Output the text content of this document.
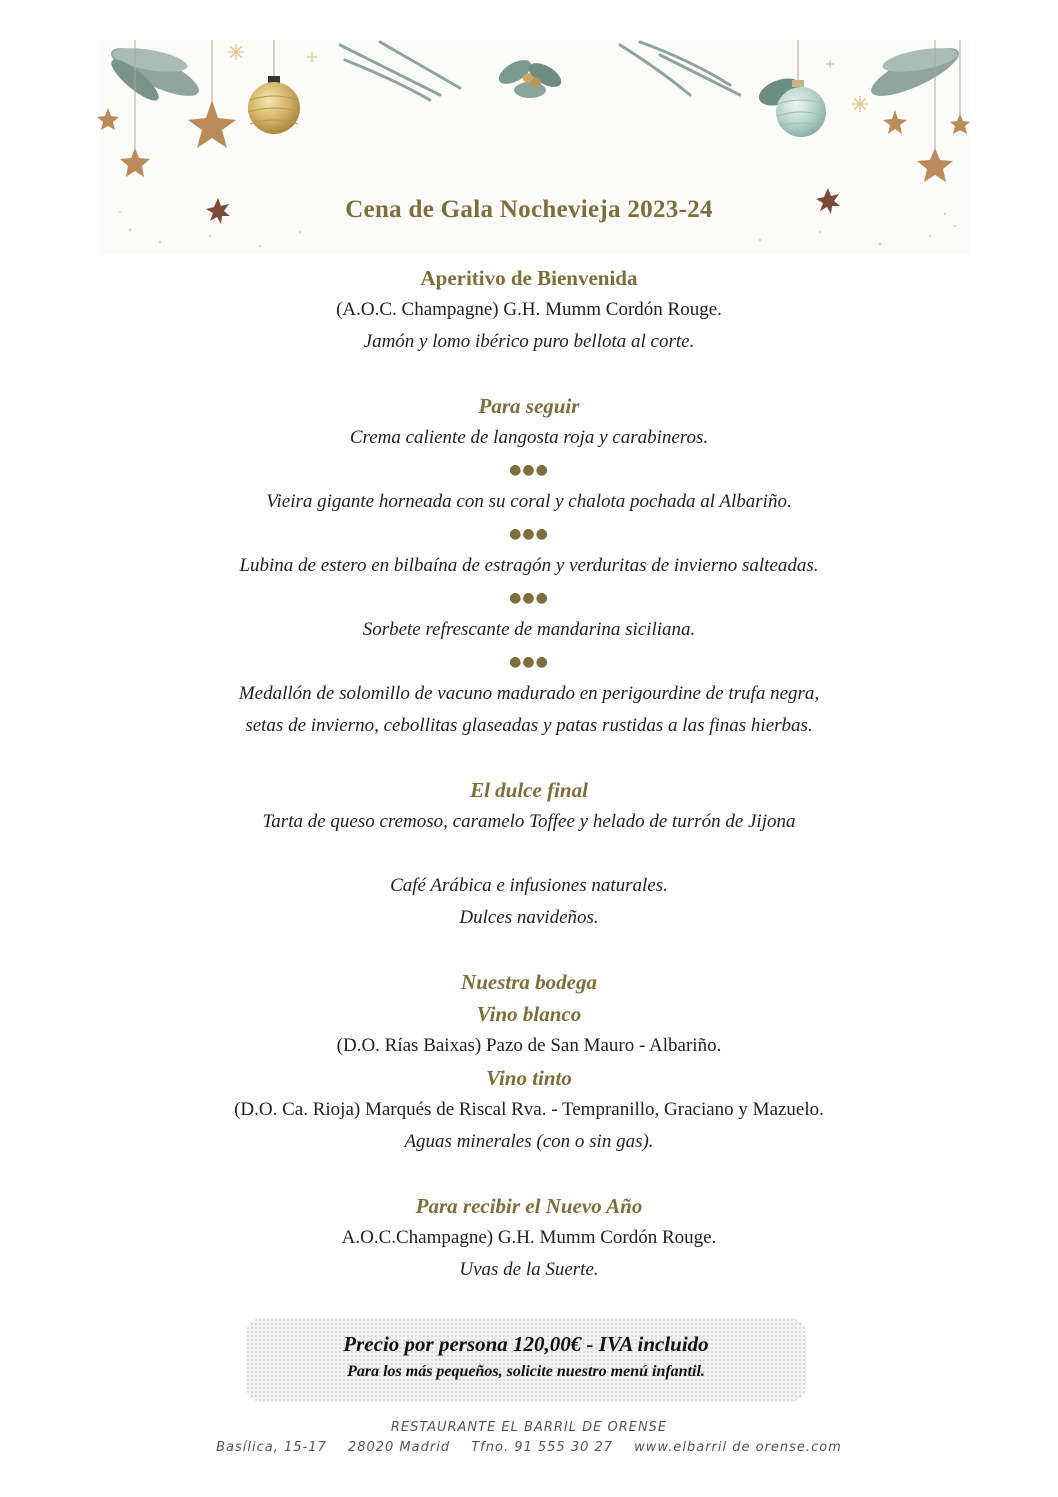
Cena de Gala Nochevieja 2023-24
Aperitivo de Bienvenida
(A.O.C. Champagne) G.H. Mumm Cordón Rouge.
Jamón y lomo ibérico puro bellota al corte.
Para seguir
Crema caliente de langosta roja y carabineros.
●●●
Vieira gigante horneada con su coral y chalota pochada al Albariño.
●●●
Lubina de estero en bilbaína de estragón y verduritas de invierno salteadas.
●●●
Sorbete refrescante de mandarina siciliana.
●●●
Medallón de solomillo de vacuno madurado en perigourdine de trufa negra,
setas de invierno, cebollitas glaseadas y patas rustidas a las finas hierbas.
El dulce final
Tarta de queso cremoso, caramelo Toffee y helado de turrón de Jijona
Café Arábica e infusiones naturales.
Dulces navideños.
Nuestra bodega
Vino blanco
(D.O. Rías Baixas) Pazo de San Mauro - Albariño.
Vino tinto
(D.O. Ca. Rioja) Marqués de Riscal Rva. - Tempranillo, Graciano y Mazuelo.
Aguas minerales (con o sin gas).
Para recibir el Nuevo Año
A.O.C.Champagne) G.H. Mumm Cordón Rouge.
Uvas de la Suerte.
Precio por persona 120,00€ - IVA incluido
Para los más pequeños, solicite nuestro menú infantil.
RESTAURANTE EL BARRIL DE ORENSE
Basílica, 15-17 28020 Madrid Tfno. 91 555 30 27 www.elbarril de orense.com
